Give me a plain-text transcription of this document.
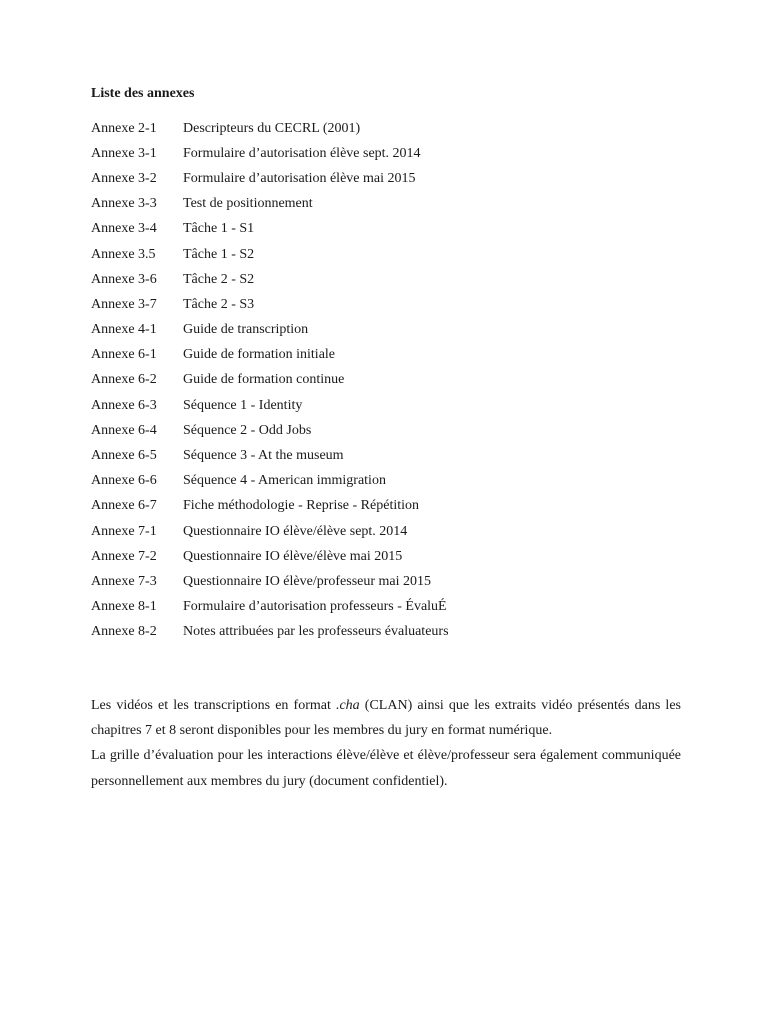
Liste des annexes
Annexe 2-1	Descripteurs du CECRL (2001)
Annexe 3-1	Formulaire d’autorisation élève sept. 2014
Annexe 3-2	Formulaire d’autorisation élève mai 2015
Annexe 3-3	Test de positionnement
Annexe 3-4	Tâche 1 - S1
Annexe 3.5	Tâche 1 - S2
Annexe 3-6	Tâche 2 - S2
Annexe 3-7	Tâche 2 - S3
Annexe 4-1	Guide de transcription
Annexe 6-1	Guide de formation initiale
Annexe 6-2	Guide de formation continue
Annexe 6-3	Séquence 1 - Identity
Annexe 6-4	Séquence 2 - Odd Jobs
Annexe 6-5	Séquence 3 - At the museum
Annexe 6-6	Séquence 4 - American immigration
Annexe 6-7	Fiche méthodologie - Reprise - Répétition
Annexe 7-1	Questionnaire IO élève/élève sept. 2014
Annexe 7-2	Questionnaire IO élève/élève mai 2015
Annexe 7-3	Questionnaire IO élève/professeur mai 2015
Annexe 8-1	Formulaire d’autorisation professeurs - ÉvaluÉ
Annexe 8-2	Notes attribuées par les professeurs évaluateurs

Les vidéos et les transcriptions en format .cha (CLAN) ainsi que les extraits vidéo présentés dans les chapitres 7 et 8 seront disponibles pour les membres du jury en format numérique.

La grille d’évaluation pour les interactions élève/élève et élève/professeur sera également communiquée personnellement aux membres du jury (document confidentiel).
